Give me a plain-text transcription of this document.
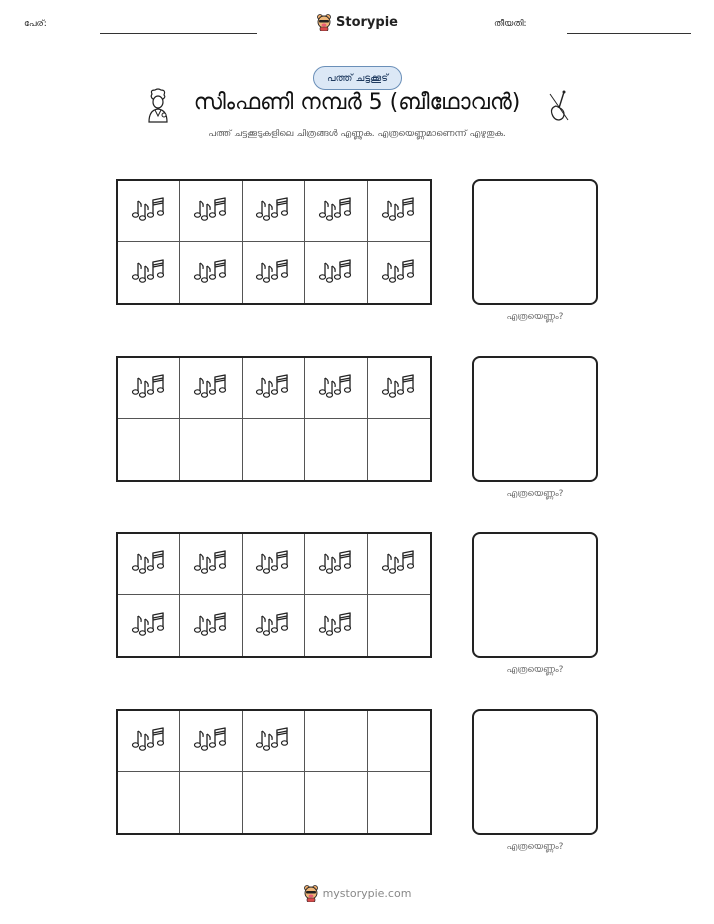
പേര്:	Storypie	തീയതി:
പത്ത് ചട്ടക്കൂട്
സിംഫണി നമ്പർ 5 (ബീഥോവൻ)
പത്ത് ചട്ടക്കൂടുകളിലെ ചിത്രങ്ങൾ എണ്ണുക. എത്രയെണ്ണമാണെന്ന് എഴുതുക.
എത്രയെണ്ണം?
എത്രയെണ്ണം?
എത്രയെണ്ണം?
എത്രയെണ്ണം?
mystorypie.com
